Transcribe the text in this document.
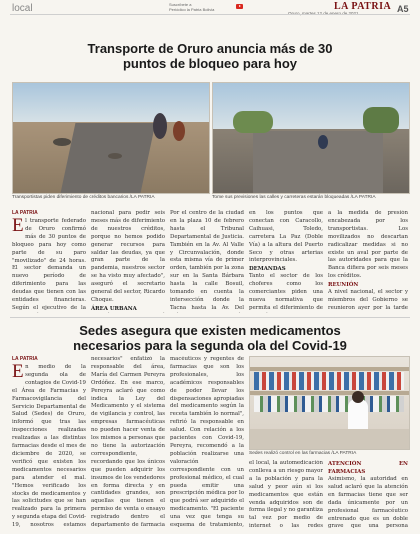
local	Suscríbete a
Periódico la Patria Bolivia	LA PATRIA A5
Transporte de Oruro anuncia más de 30 puntos de bloqueo para hoy
Transportistas piden diferimiento de créditos bancarios /LA PATRIA	Tome sus previsiones las calles y carreteras estarán bloqueadas /LA PATRIA
LA PATRIA
El transporte federado de Oruro confirmó más de 30 puntos de bloqueo para hoy como parte de su paro "movilizado" de 24 horas. El sector demanda un nuevo período de diferimiento para las deudas que tienen con las entidades financieras. Según el ejecutivo de la
nacional para pedir seis meses más de diferimiento de nuestros créditos, porque no hemos podido generar recursos para saldar las deudas, ya que gran parte de la pandemia, nuestros sector se ha visto muy afectado", aseguró el secretario general del sector, Ricardo Choque.
ÁREA URBANA
Por el centro de la ciudad en la plaza 10 de febrero hasta el Tribunal Departamental de Justicia. También en la Av. Al Valle y Circunvalación, donde esta misma vía de primer orden, también por la zona sur en la Santa Bárbara hasta la calle Bosuil, tomando en cuenta la intersección donde la Tacna hasta la Av. Del
en los puntos que conectan con Caracollo, Caihuasi, Toledo, carretera La Paz (Doble Vía) a la altura del Puerto Seco y otras arterias interprovinciales.
DEMANDAS
Tanto el sector de los choferes como los comerciantes piden una nueva normativa que permita el diferimiento de
a la medida de presión encabezada por los transportistas. Los movilizados no descartan radicalizar medidas si no existe un aval por parte de las autoridades para que la Banca difiera por seis meses los créditos.
REUNIÓN
A nivel nacional, el sector y miembros del Gobierno se reunieron ayer por la tarde
Sedes asegura que existen medicamentos necesarios para la segunda ola del Covid-19
LA PATRIA
En medio de la segunda ola de contagios de Covid-19 el Área de Farmacias y Farmacovigilancia del Servicio Departamental de Salud (Sedes) de Oruro, informó que tras las inspecciones realizadas realizadas a las distintas farmacias desde el mes de diciembre de 2020, se verificó que existen los medicamentos necesarios para atender el mal. "Hemos verificado los stocks de medicamentos y las solicitudes que se han realizado para la primera y segunda etapa del Covid-19, nosotros estamos
necesarios" enfatizó la responsable del área, María del Carmen Pereyra Ordóñez. En ese marco, Pereyra aclaró que como indica la Ley del Medicamento y el sistema de vigilancia y control, las empresas farmacéuticas no pueden hacer venta de los mismos a personas que no tiene la autorización correspondiente, recordando que los únicos que pueden adquirir los insumos de los vendedores en forma directa y en cantidades grandes, son aquellas que tienen el permiso de venta o ensayo registrado dentro el departamento de farmacia
macéuticos y regentes de farmacias que son los profesionales, los académicos responsables de poder llevar los dispensaciones apropiadas del medicamento según la receta también lo normal", refirió la responsable en salud. Con relación a los pacientes con Covid-19, Pereyra, recomendó a la población realizarse una valoración correspondiente con un profesional médico, el cual pueda emitir una prescripción médica por lo que podrá ser adquirido el medicamento. "El paciente una vez que tenga su esquema de tratamiento,
Sedes realizó control en las farmacias /LA PATRIA
el local, la automedicación conlleva a un riesgo mayor a la población y para la salud y peor aún si los medicamentos que están venda adquiridos son de forma ilegal y no garantiza tal vez por medio de internet o las redes
ATENCIÓN EN FARMACIAS
Asimismo, la autoridad en salud aclaró que la atención en farmacias tiene que ser dada únicamente por un profesional farmacéutico entrenado que es un doble grave que una persona
